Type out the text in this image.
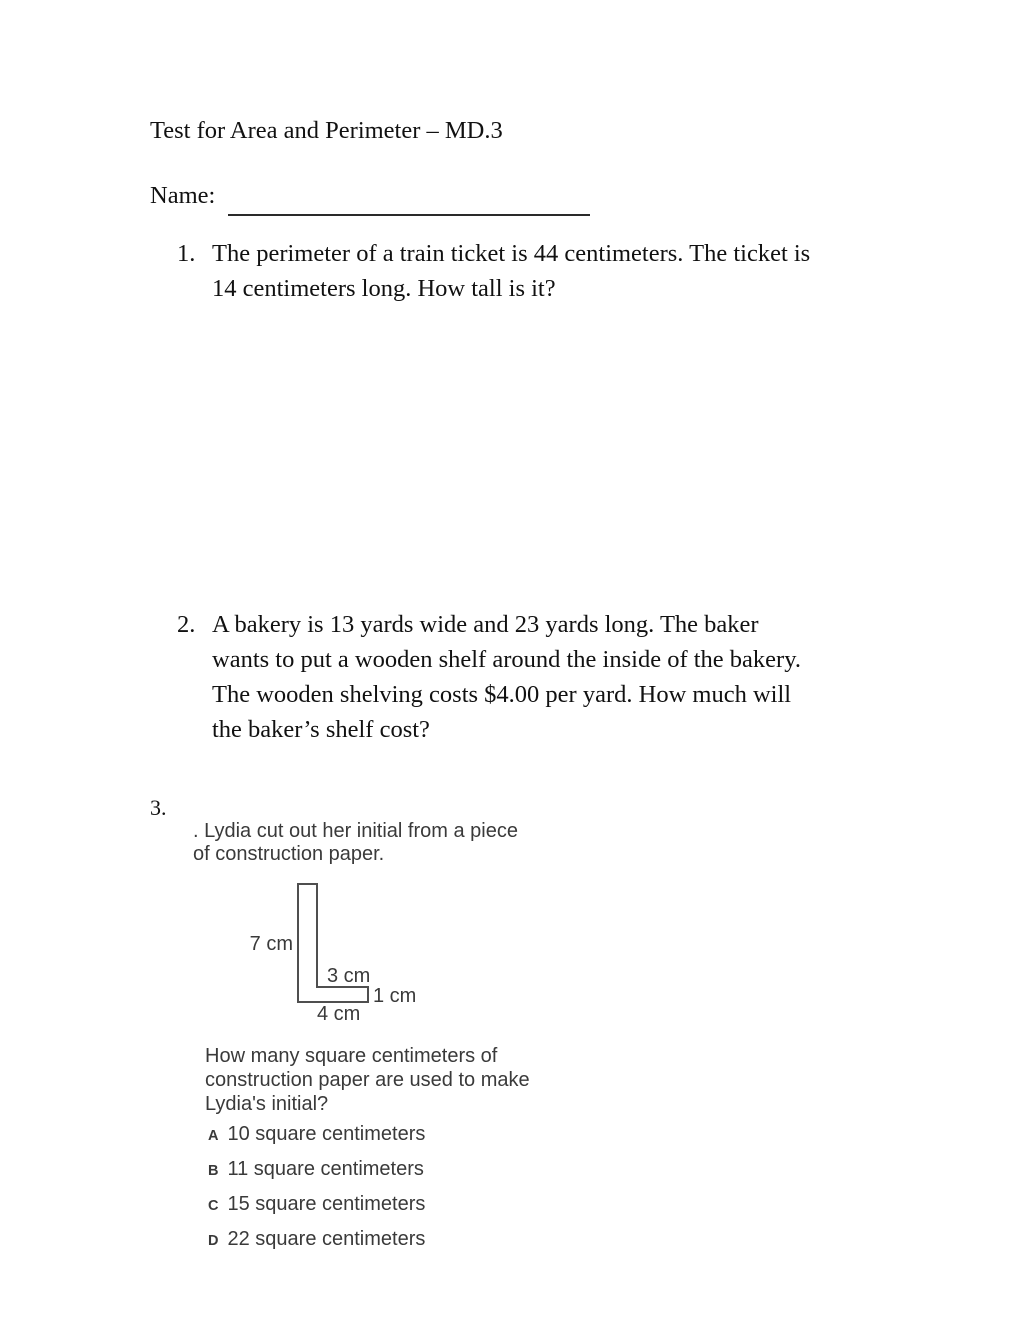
Test for Area and Perimeter – MD.3
Name:
1. The perimeter of a train ticket is 44 centimeters. The ticket is
14 centimeters long. How tall is it?
2. A bakery is 13 yards wide and 23 yards long. The baker
wants to put a wooden shelf around the inside of the bakery.
The wooden shelving costs $4.00 per yard. How much will
the baker’s shelf cost?
3.
. Lydia cut out her initial from a piece
of construction paper.
7 cm
3 cm
1 cm
4 cm
How many square centimeters of
construction paper are used to make
Lydia's initial?
A 10 square centimeters
B 11 square centimeters
C 15 square centimeters
D 22 square centimeters
